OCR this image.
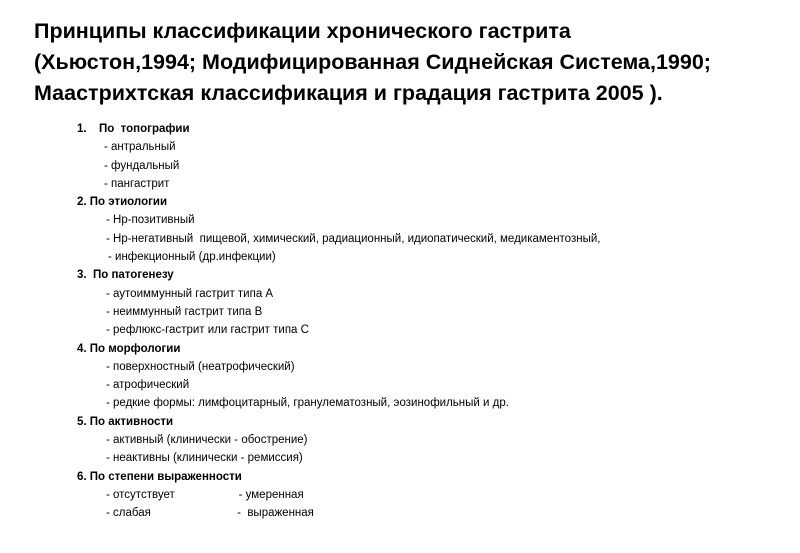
Принципы классификации хронического гастрита
(Хьюстон,1994; Модифицированная Сиднейская Система,1990;
Маастрихтская классификация и градация гастрита 2005 ).
1. По  топографии
- антральный
- фундальный
- пангастрит
2. По этиологии
- Нр-позитивный
- Нр-негативный  пищевой, химический, радиационный, идиопатический, медикаментозный,
- инфекционный (др.инфекции)
3.  По патогенезу
- аутоиммунный гастрит типа А
- неиммунный гастрит типа В
- рефлюкс-гастрит или гастрит типа С
4. По морфологии
- поверхностный (неатрофический)
- атрофический
- редкие формы: лимфоцитарный, гранулематозный, эозинофильный и др.
5. По активности
- активный (клинически - обострение)
- неактивны (клинически - ремиссия)
6. По степени выраженности
- отсутствует                    - умеренная
- слабая                           -  выраженная
